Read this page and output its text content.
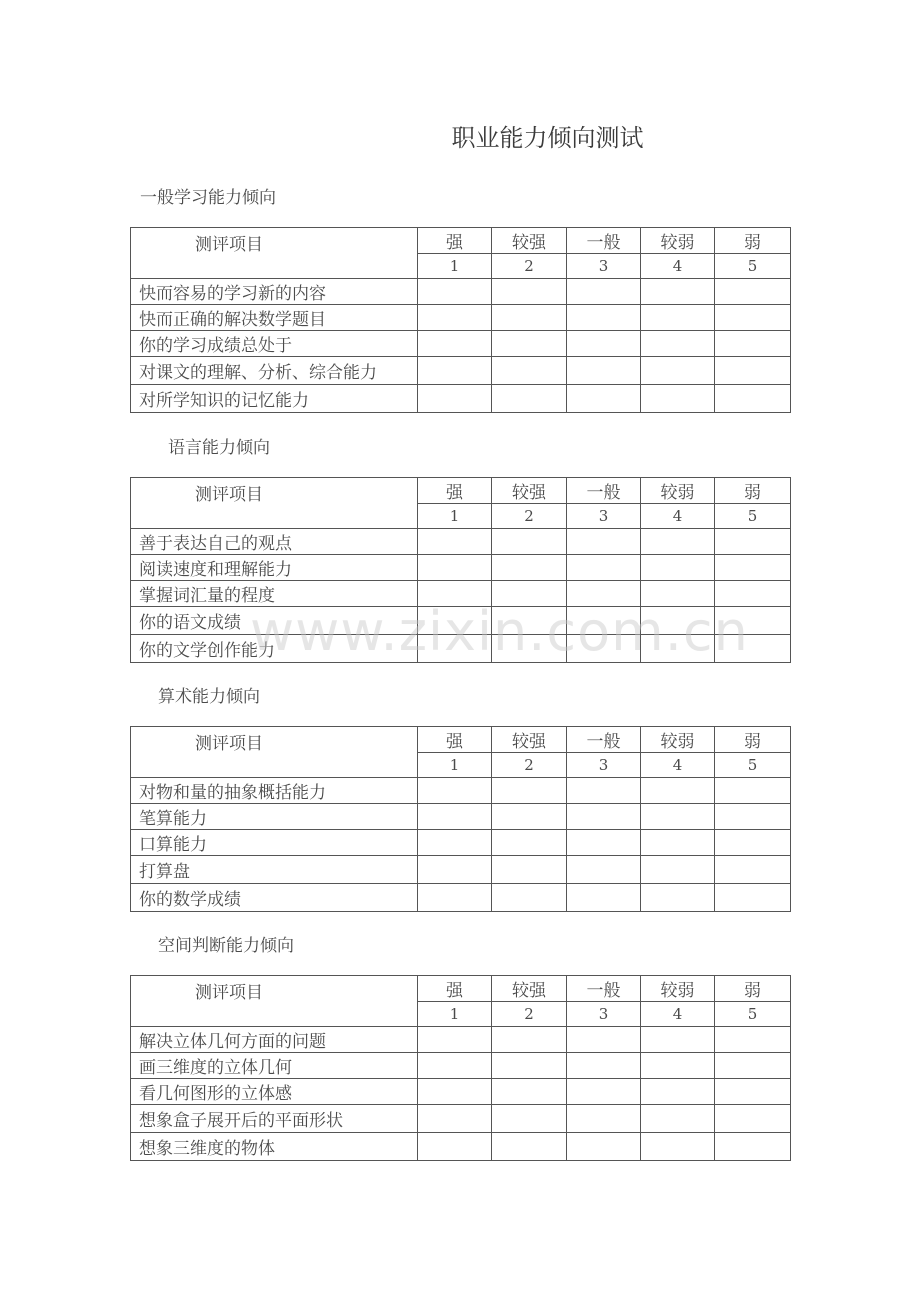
职业能力倾向测试
一般学习能力倾向
语言能力倾向
算术能力倾向
空间判断能力倾向
测评项目	强	较强	一般	较弱	弱
	1	2	3	4	5
快而容易的学习新的内容					
快而正确的解决数学题目					
你的学习成绩总处于					
对课文的理解、分析、综合能力					
对所学知识的记忆能力					
测评项目	强	较强	一般	较弱	弱
	1	2	3	4	5
善于表达自己的观点					
阅读速度和理解能力					
掌握词汇量的程度					
你的语文成绩					
你的文学创作能力					
测评项目	强	较强	一般	较弱	弱
	1	2	3	4	5
对物和量的抽象概括能力					
笔算能力					
口算能力					
打算盘					
你的数学成绩					
测评项目	强	较强	一般	较弱	弱
	1	2	3	4	5
解决立体几何方面的问题					
画三维度的立体几何					
看几何图形的立体感					
想象盒子展开后的平面形状					
想象三维度的物体					
www.zixin.com.cn
